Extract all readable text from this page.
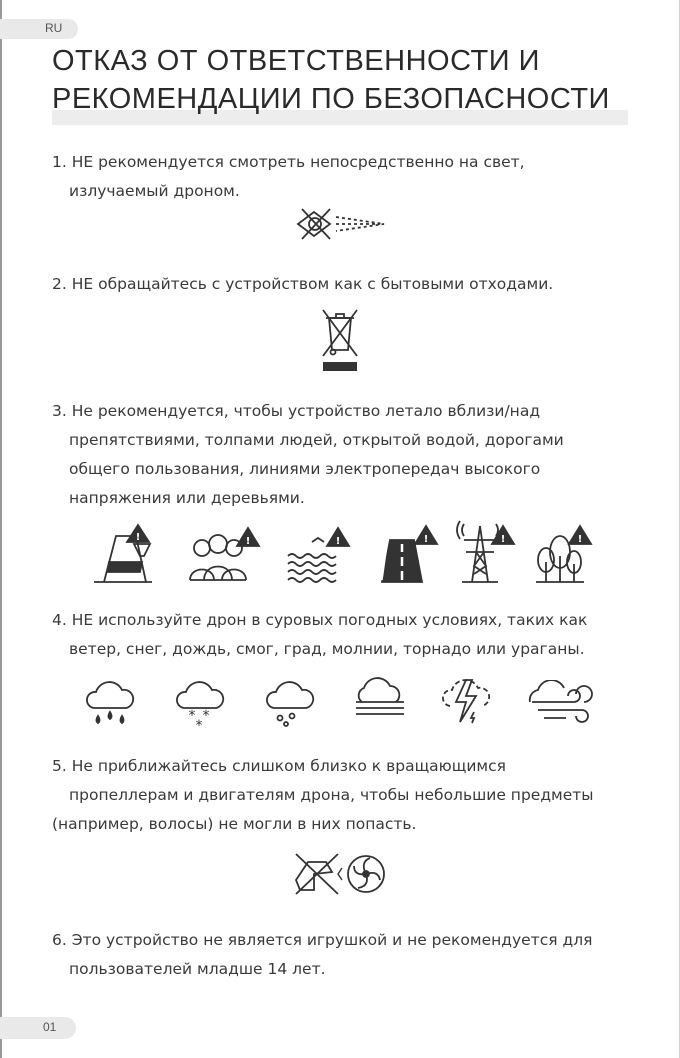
RU
ОТКАЗ ОТ ОТВЕТСТВЕННОСТИ И
РЕКОМЕНДАЦИИ ПО БЕЗОПАСНОСТИ
1. НЕ рекомендуется смотреть непосредственно на свет,
излучаемый дроном.
2. НЕ обращайтесь с устройством как с бытовыми отходами.
3. Не рекомендуется, чтобы устройство летало вблизи/над
препятствиями, толпами людей, открытой водой, дорогами
общего пользования, линиями электропередач высокого
напряжения или деревьями.
!	!	!	!	!	!
4. НЕ используйте дрон в суровых погодных условиях, таких как
ветер, снег, дождь, смог, град, молнии, торнадо или ураганы.
* *
*
5. Не приближайтесь слишком близко к вращающимся
пропеллерам и двигателям дрона, чтобы небольшие предметы
(например, волосы) не могли в них попасть.
6. Это устройство не является игрушкой и не рекомендуется для
пользователей младше 14 лет.
01
